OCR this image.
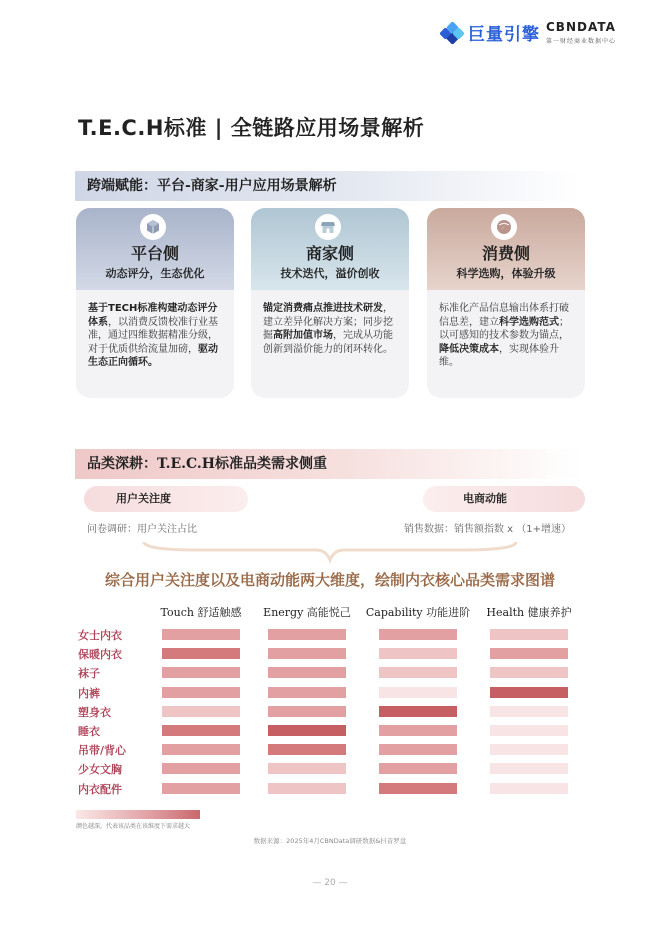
巨量引擎 CBNDATA
第一财经商业数据中心
T.E.C.H标准 | 全链路应用场景解析
跨端赋能：平台-商家-用户应用场景解析
平台侧
动态评分，生态优化
基于TECH标准构建动态评分体系，以消费反馈校准行业基准，通过四维数据精准分级，对于优质供给流量加磅，驱动生态正向循环。
商家侧
技术迭代，溢价创收
锚定消费痛点推进技术研发，建立差异化解决方案；同步挖掘高附加值市场，完成从功能创新到溢价能力的闭环转化。
消费侧
科学选购，体验升级
标准化产品信息输出体系打破信息差，建立科学选购范式；以可感知的技术参数为锚点，降低决策成本，实现体验升维。
品类深耕：T.E.C.H标准品类需求侧重
用户关注度	电商动能
问卷调研：用户关注占比	销售数据：销售额指数 x （1+增速）
综合用户关注度以及电商动能两大维度，绘制内衣核心品类需求图谱
Touch 舒适触感	Energy 高能悦己	Capability 功能进阶	Health 健康养护
女士内衣
保暖内衣
袜子
内裤
塑身衣
睡衣
吊带/背心
少女文胸
内衣配件
颜色越深，代表该品类在该维度下需求越大
数据来源：2025年4月CBNData调研数据&抖音罗盘
— 20 —
